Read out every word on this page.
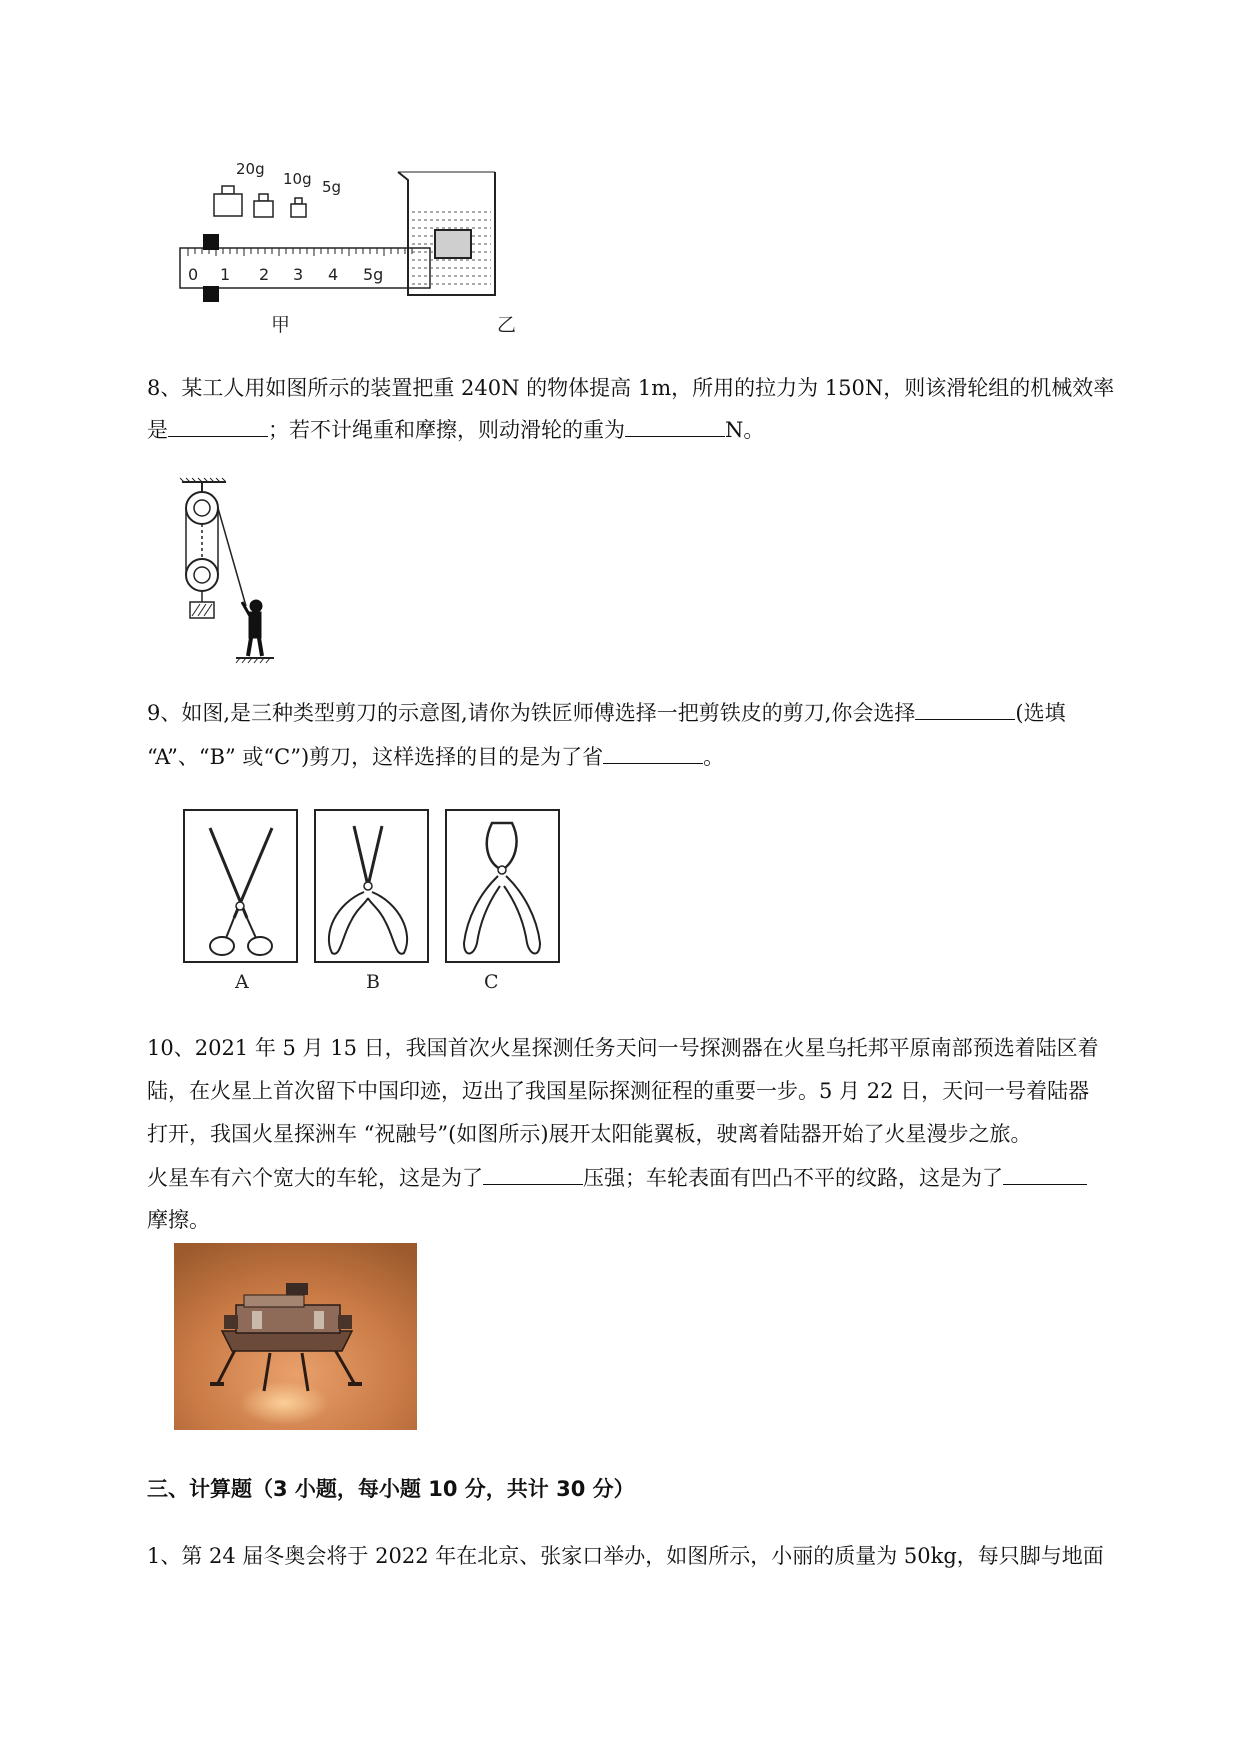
20g
10g 5g
0 1 2 3 4 5g
甲	乙
8、某工人用如图所示的装置把重 240N 的物体提高 1m，所用的拉力为 150N，则该滑轮组的机械效率
是	；若不计绳重和摩擦，则动滑轮的重为	N。
9、如图,是三种类型剪刀的示意图,请你为铁匠师傅选择一把剪铁皮的剪刀,你会选择	(选填
“A”、“B” 或“C”)剪刀，这样选择的目的是为了省	。
A	B	C
10、2021 年 5 月 15 日，我国首次火星探测任务天问一号探测器在火星乌托邦平原南部预选着陆区着
陆，在火星上首次留下中国印迹，迈出了我国星际探测征程的重要一步。5 月 22 日，天问一号着陆器
打开，我国火星探洲车 “祝融号”(如图所示)展开太阳能翼板，驶离着陆器开始了火星漫步之旅。
火星车有六个宽大的车轮，这是为了	压强；车轮表面有凹凸不平的纹路，这是为了
摩擦。
三、计算题（3 小题，每小题 10 分，共计 30 分）
1、第 24 届冬奥会将于 2022 年在北京、张家口举办，如图所示，小丽的质量为 50kg，每只脚与地面
